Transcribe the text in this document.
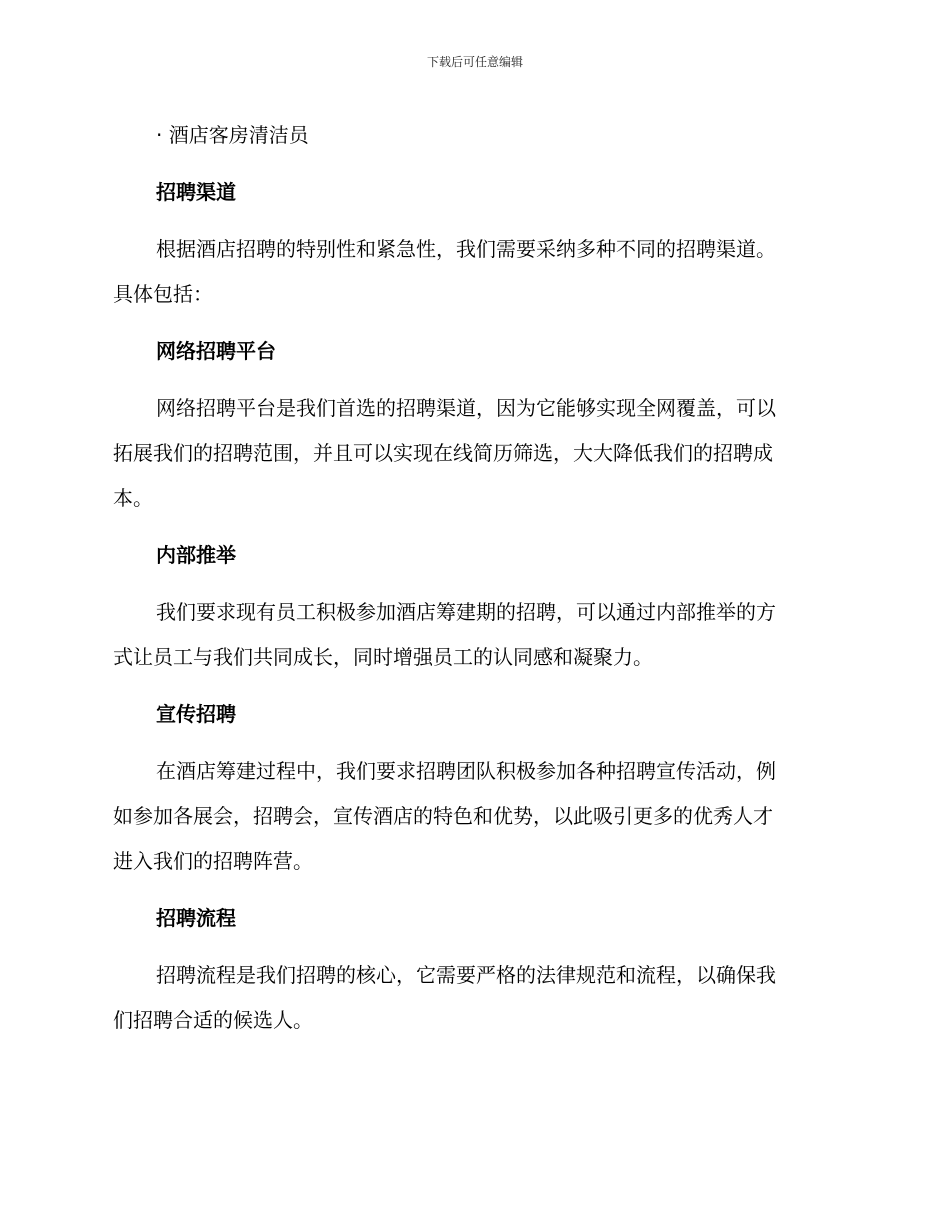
下载后可任意编辑

· 酒店客房清洁员

招聘渠道

根据酒店招聘的特别性和紧急性，我们需要采纳多种不同的招聘渠道。

具体包括：

网络招聘平台

网络招聘平台是我们首选的招聘渠道，因为它能够实现全网覆盖，可以

拓展我们的招聘范围，并且可以实现在线简历筛选，大大降低我们的招聘成

本。

内部推举

我们要求现有员工积极参加酒店筹建期的招聘，可以通过内部推举的方

式让员工与我们共同成长，同时增强员工的认同感和凝聚力。

宣传招聘

在酒店筹建过程中，我们要求招聘团队积极参加各种招聘宣传活动，例

如参加各展会，招聘会，宣传酒店的特色和优势，以此吸引更多的优秀人才

进入我们的招聘阵营。

招聘流程

招聘流程是我们招聘的核心，它需要严格的法律规范和流程，以确保我

们招聘合适的候选人。
